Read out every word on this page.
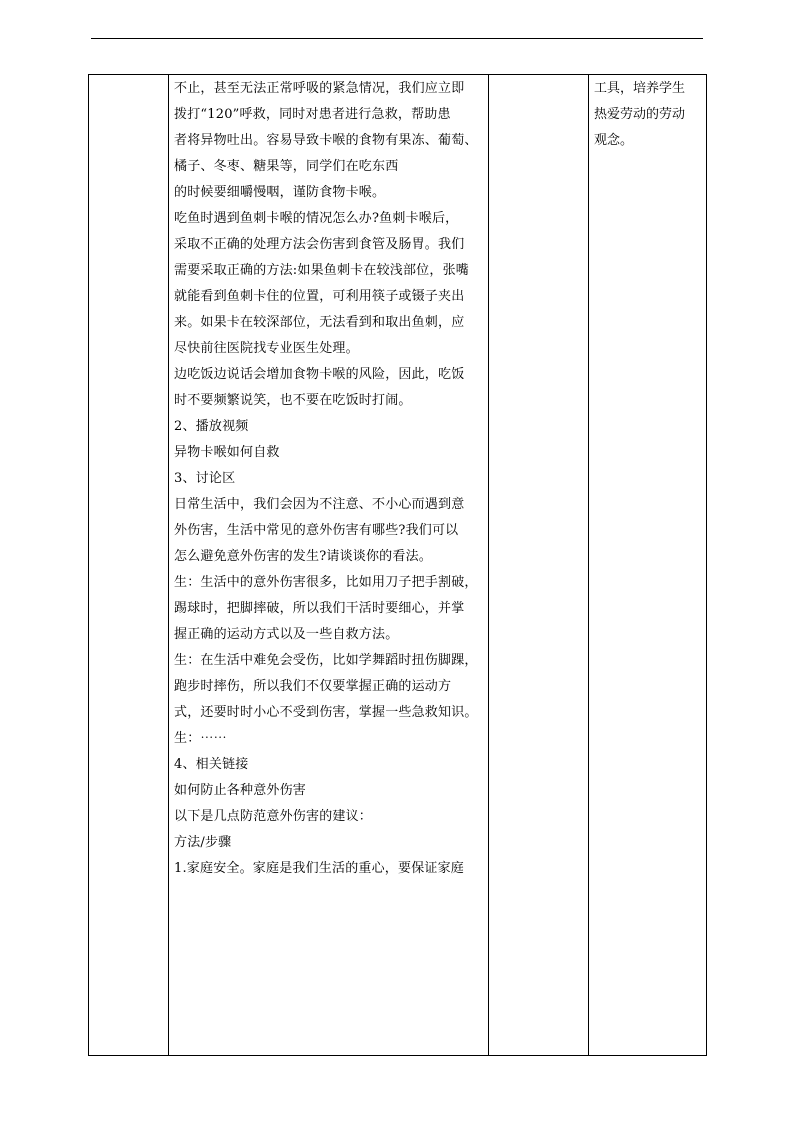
不止，甚至无法正常呼吸的紧急情况，我们应立即

拨打“120”呼救，同时对患者进行急救，帮助患

者将异物吐出。容易导致卡喉的食物有果冻、葡萄、

橘子、冬枣、糖果等，同学们在吃东西

的时候要细嚼慢咽，谨防食物卡喉。

吃鱼时遇到鱼刺卡喉的情况怎么办?鱼刺卡喉后，

采取不正确的处理方法会伤害到食管及肠胃。我们

需要采取正确的方法:如果鱼刺卡在较浅部位，张嘴

就能看到鱼刺卡住的位置，可利用筷子或镊子夹出

来。如果卡在较深部位，无法看到和取出鱼刺，应

尽快前往医院找专业医生处理。

边吃饭边说话会增加食物卡喉的风险，因此，吃饭

时不要频繁说笑，也不要在吃饭时打闹。

2、播放视频

异物卡喉如何自救

3、讨论区

日常生活中，我们会因为不注意、不小心而遇到意

外伤害，生活中常见的意外伤害有哪些?我们可以

怎么避免意外伤害的发生?请谈谈你的看法。

生：生活中的意外伤害很多，比如用刀子把手割破，

踢球时，把脚摔破，所以我们干活时要细心，并掌

握正确的运动方式以及一些自救方法。

生：在生活中难免会受伤，比如学舞蹈时扭伤脚踝，

跑步时摔伤，所以我们不仅要掌握正确的运动方

式，还要时时小心不受到伤害，掌握一些急救知识。

生：⋯⋯

4、相关链接

如何防止各种意外伤害

以下是几点防范意外伤害的建议：

方法/步骤

1.家庭安全。家庭是我们生活的重心，要保证家庭

工具，培养学生

热爱劳动的劳动

观念。
